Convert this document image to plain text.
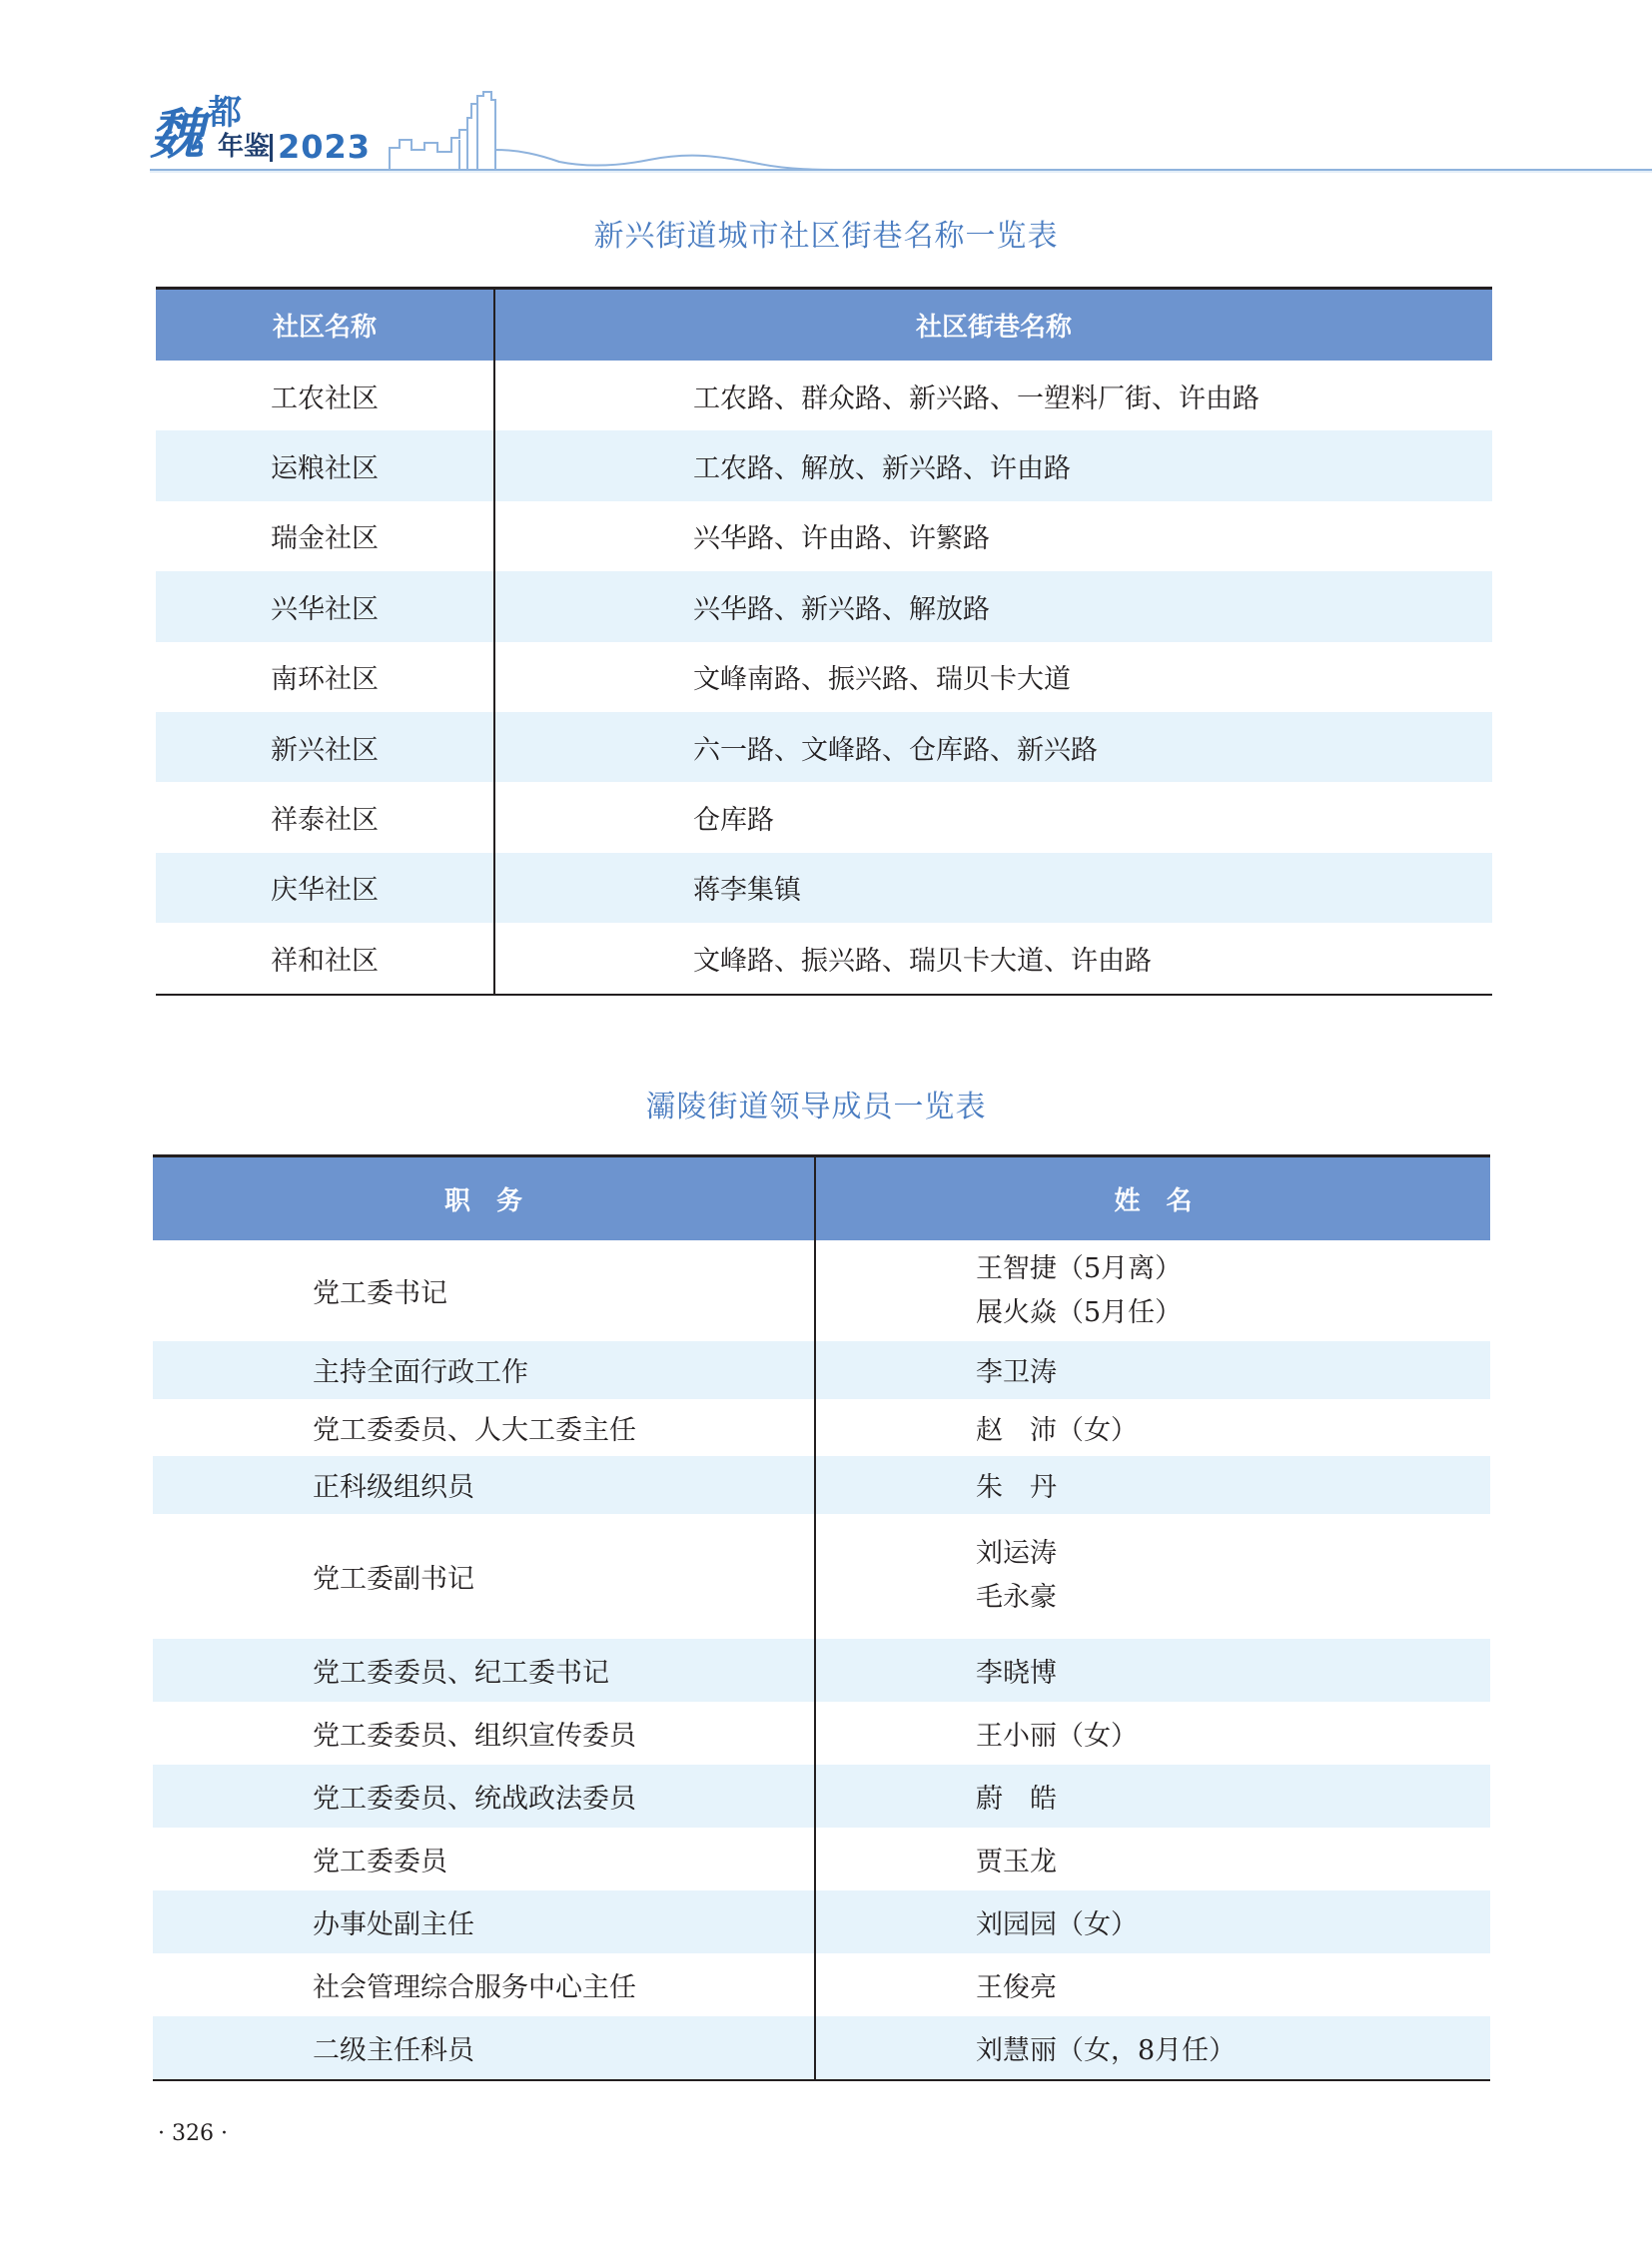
魏 都
年鉴 2023
新兴街道城市社区街巷名称一览表
社区名称	社区街巷名称
工农社区	工农路、群众路、新兴路、一塑料厂街、许由路
运粮社区	工农路、解放、新兴路、许由路
瑞金社区	兴华路、许由路、许繁路
兴华社区	兴华路、新兴路、解放路
南环社区	文峰南路、振兴路、瑞贝卡大道
新兴社区	六一路、文峰路、仓库路、新兴路
祥泰社区	仓库路
庆华社区	蒋李集镇
祥和社区	文峰路、振兴路、瑞贝卡大道、许由路
灞陵街道领导成员一览表
职　务	姓　名
党工委书记	王智捷（5月离）
展火焱（5月任）

主持全面行政工作	李卫涛
党工委委员、人大工委主任	赵　沛（女）
正科级组织员	朱　丹
党工委副书记	刘运涛
毛永豪

党工委委员、纪工委书记	李晓博
党工委委员、组织宣传委员	王小丽（女）
党工委委员、统战政法委员	蔚　皓
党工委委员	贾玉龙
办事处副主任	刘园园（女）
社会管理综合服务中心主任	王俊亮
二级主任科员	刘慧丽（女，8月任）
· 326 ·
